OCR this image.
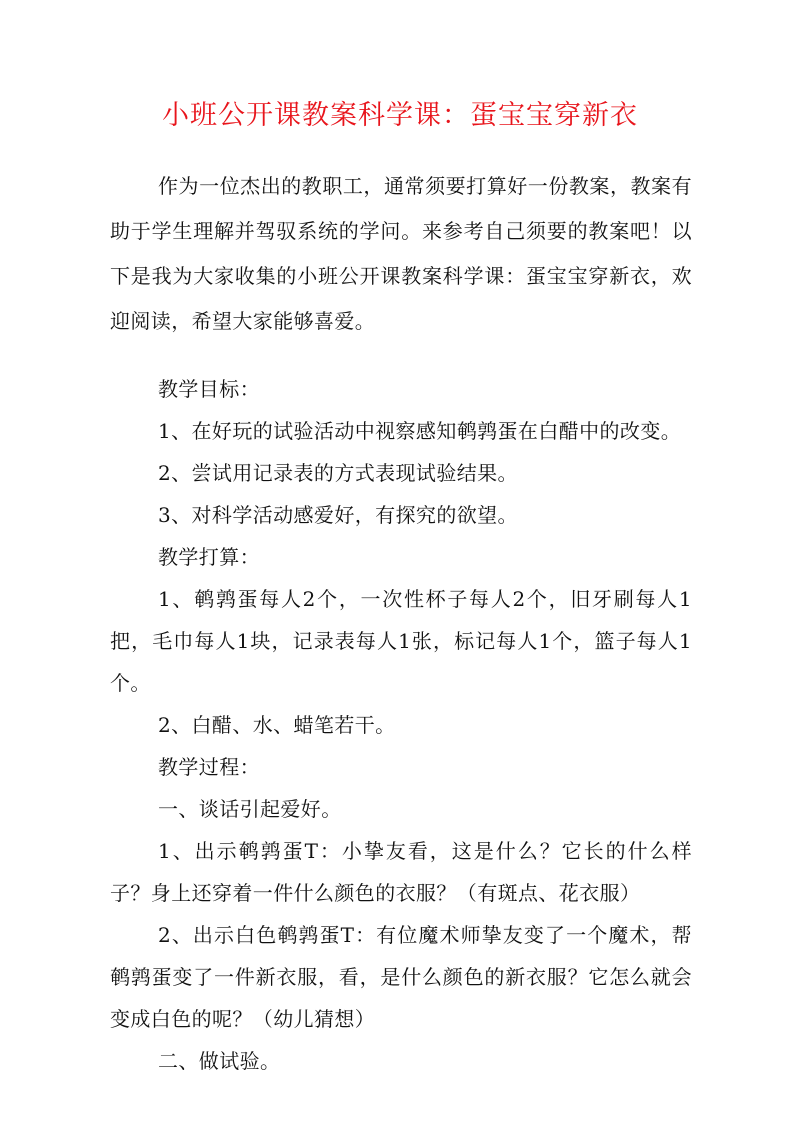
小班公开课教案科学课：蛋宝宝穿新衣

作为一位杰出的教职工，通常须要打算好一份教案，教案有助于学生理解并驾驭系统的学问。来参考自己须要的教案吧！以下是我为大家收集的小班公开课教案科学课：蛋宝宝穿新衣，欢迎阅读，希望大家能够喜爱。

教学目标：

1、在好玩的试验活动中视察感知鹌鹑蛋在白醋中的改变。

2、尝试用记录表的方式表现试验结果。

3、对科学活动感爱好，有探究的欲望。

教学打算：

1、鹌鹑蛋每人2个，一次性杯子每人2个，旧牙刷每人1把，毛巾每人1块，记录表每人1张，标记每人1个，篮子每人1个。

2、白醋、水、蜡笔若干。

教学过程：

一、谈话引起爱好。

1、出示鹌鹑蛋T：小挚友看，这是什么？它长的什么样子？身上还穿着一件什么颜色的衣服？（有斑点、花衣服）

2、出示白色鹌鹑蛋T：有位魔术师挚友变了一个魔术，帮鹌鹑蛋变了一件新衣服，看，是什么颜色的新衣服？它怎么就会变成白色的呢？（幼儿猜想）

二、做试验。
